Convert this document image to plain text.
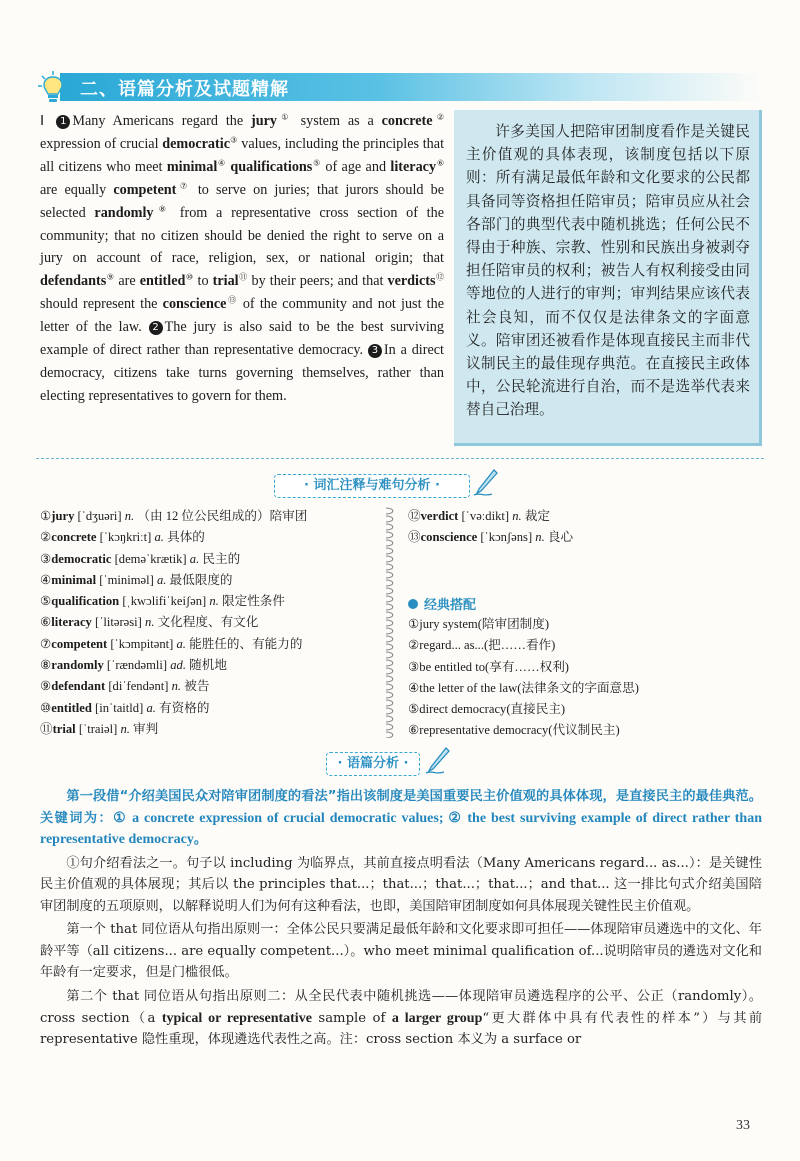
二、语篇分析及试题精解
Ⅰ 1 Many Americans regard the jury① system as a concrete② expression of crucial democratic③ values, including the principles that all citizens who meet minimal④ qualifications⑤ of age and literacy⑥ are equally competent⑦ to serve on juries; that jurors should be selected randomly⑧ from a representative cross section of the community; that no citizen should be denied the right to serve on a jury on account of race, religion, sex, or national origin; that defendants⑨ are entitled⑩ to trial⑪ by their peers; and that verdicts⑫ should represent the conscience⑬ of the community and not just the letter of the law. 2 The jury is also said to be the best surviving example of direct rather than representative democracy. 3 In a direct democracy, citizens take turns governing themselves, rather than electing representatives to govern for them.
许多美国人把陪审团制度看作是关键民主价值观的具体表现，该制度包括以下原则：所有满足最低年龄和文化要求的公民都具备同等资格担任陪审员；陪审员应从社会各部门的典型代表中随机挑选；任何公民不得由于种族、宗教、性别和民族出身被剥夺担任陪审员的权利；被告人有权利接受由同等地位的人进行的审判；审判结果应该代表社会良知，而不仅仅是法律条文的字面意义。陪审团还被看作是体现直接民主而非代议制民主的最佳现存典范。在直接民主政体中，公民轮流进行自治，而不是选举代表来替自己治理。
· 词汇注释与难句分析 ·
①jury [ˈdʒuəri] n. （由 12 位公民组成的）陪审团
②concrete [ˈkɔŋkriːt] a. 具体的
③democratic [deməˈkrætik] a. 民主的
④minimal [ˈminiməl] a. 最低限度的
⑤qualification [ˌkwɔlifiˈkeiʃən] n. 限定性条件
⑥literacy [ˈlitərəsi] n. 文化程度、有文化
⑦competent [ˈkɔmpitənt] a. 能胜任的、有能力的
⑧randomly [ˈrændəmli] ad. 随机地
⑨defendant [diˈfendənt] n. 被告
⑩entitled [inˈtaitld] a. 有资格的
⑪trial [ˈtraiəl] n. 审判
⑫verdict [ˈvəːdikt] n. 裁定
⑬conscience [ˈkɔnʃəns] n. 良心
经典搭配
①jury system(陪审团制度)
②regard... as...(把……看作)
③be entitled to(享有……权利)
④the letter of the law(法律条文的字面意思)
⑤direct democracy(直接民主)
⑥representative democracy(代议制民主)
· 语篇分析 ·

第一段借“介绍美国民众对陪审团制度的看法”指出该制度是美国重要民主价值观的具体体现，是直接民主的最佳典范。关键词为：① a concrete expression of crucial democratic values; ② the best surviving example of direct rather than representative democracy。

①句介绍看法之一。句子以 including 为临界点，其前直接点明看法（Many Americans regard... as...）：是关键性民主价值观的具体展现；其后以 the principles that...；that...；that...；that...；and that... 这一排比句式介绍美国陪审团制度的五项原则，以解释说明人们为何有这种看法，也即，美国陪审团制度如何具体展现关键性民主价值观。

第一个 that 同位语从句指出原则一：全体公民只要满足最低年龄和文化要求即可担任——体现陪审员遴选中的文化、年龄平等（all citizens... are equally competent...）。who meet minimal qualification of...说明陪审员的遴选对文化和年龄有一定要求，但是门槛很低。

第二个 that 同位语从句指出原则二：从全民代表中随机挑选——体现陪审员遴选程序的公平、公正（randomly）。cross section（a typical or representative sample of a larger group“更大群体中具有代表性的样本”）与其前 representative 隐性重现，体现遴选代表性之高。注：cross section 本义为 a surface or

33
